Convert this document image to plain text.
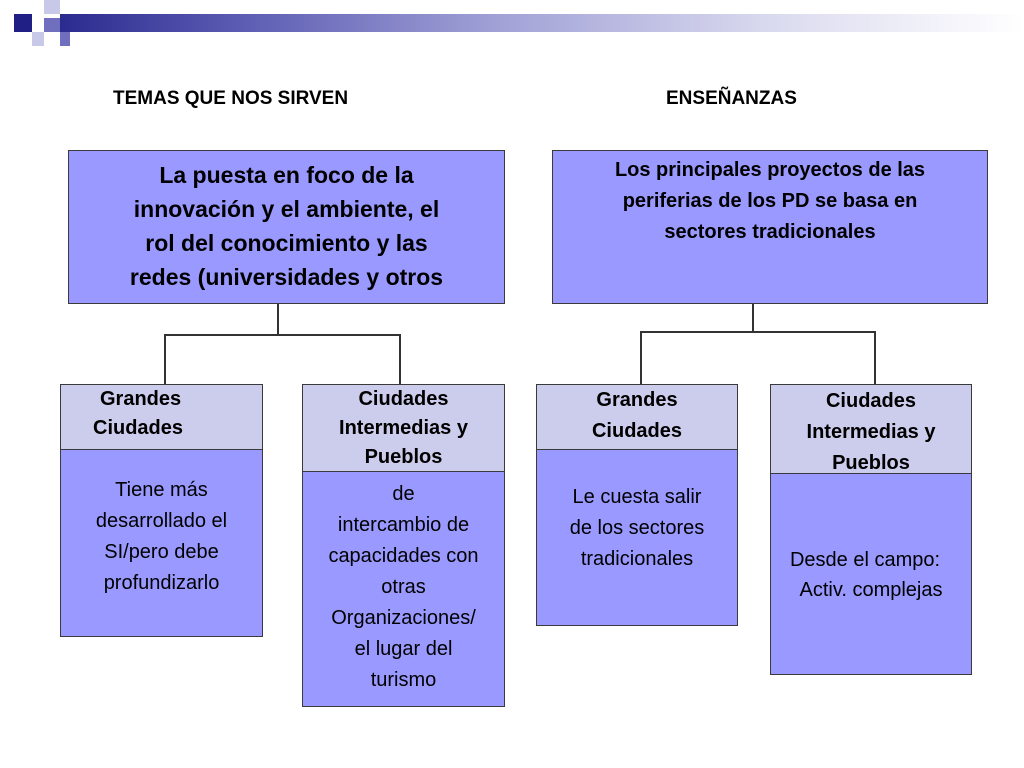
TEMAS QUE NOS SIRVEN	ENSEÑANZAS
La puesta en foco de la
innovación y el ambiente, el
rol del conocimiento y las
redes (universidades y otros
Los principales proyectos de las
periferias de los PD se basa en
sectores tradicionales
Grandes
Ciudades
Tiene más
desarrollado el
SI/pero debe
profundizarlo
Ciudades
Intermedias y
Pueblos
de
intercambio de
capacidades con
otras
Organizaciones/
el lugar del
turismo
Grandes
Ciudades
Le cuesta salir
de los sectores
tradicionales
Ciudades
Intermedias y
Pueblos
Desde el campo:
Activ. complejas
